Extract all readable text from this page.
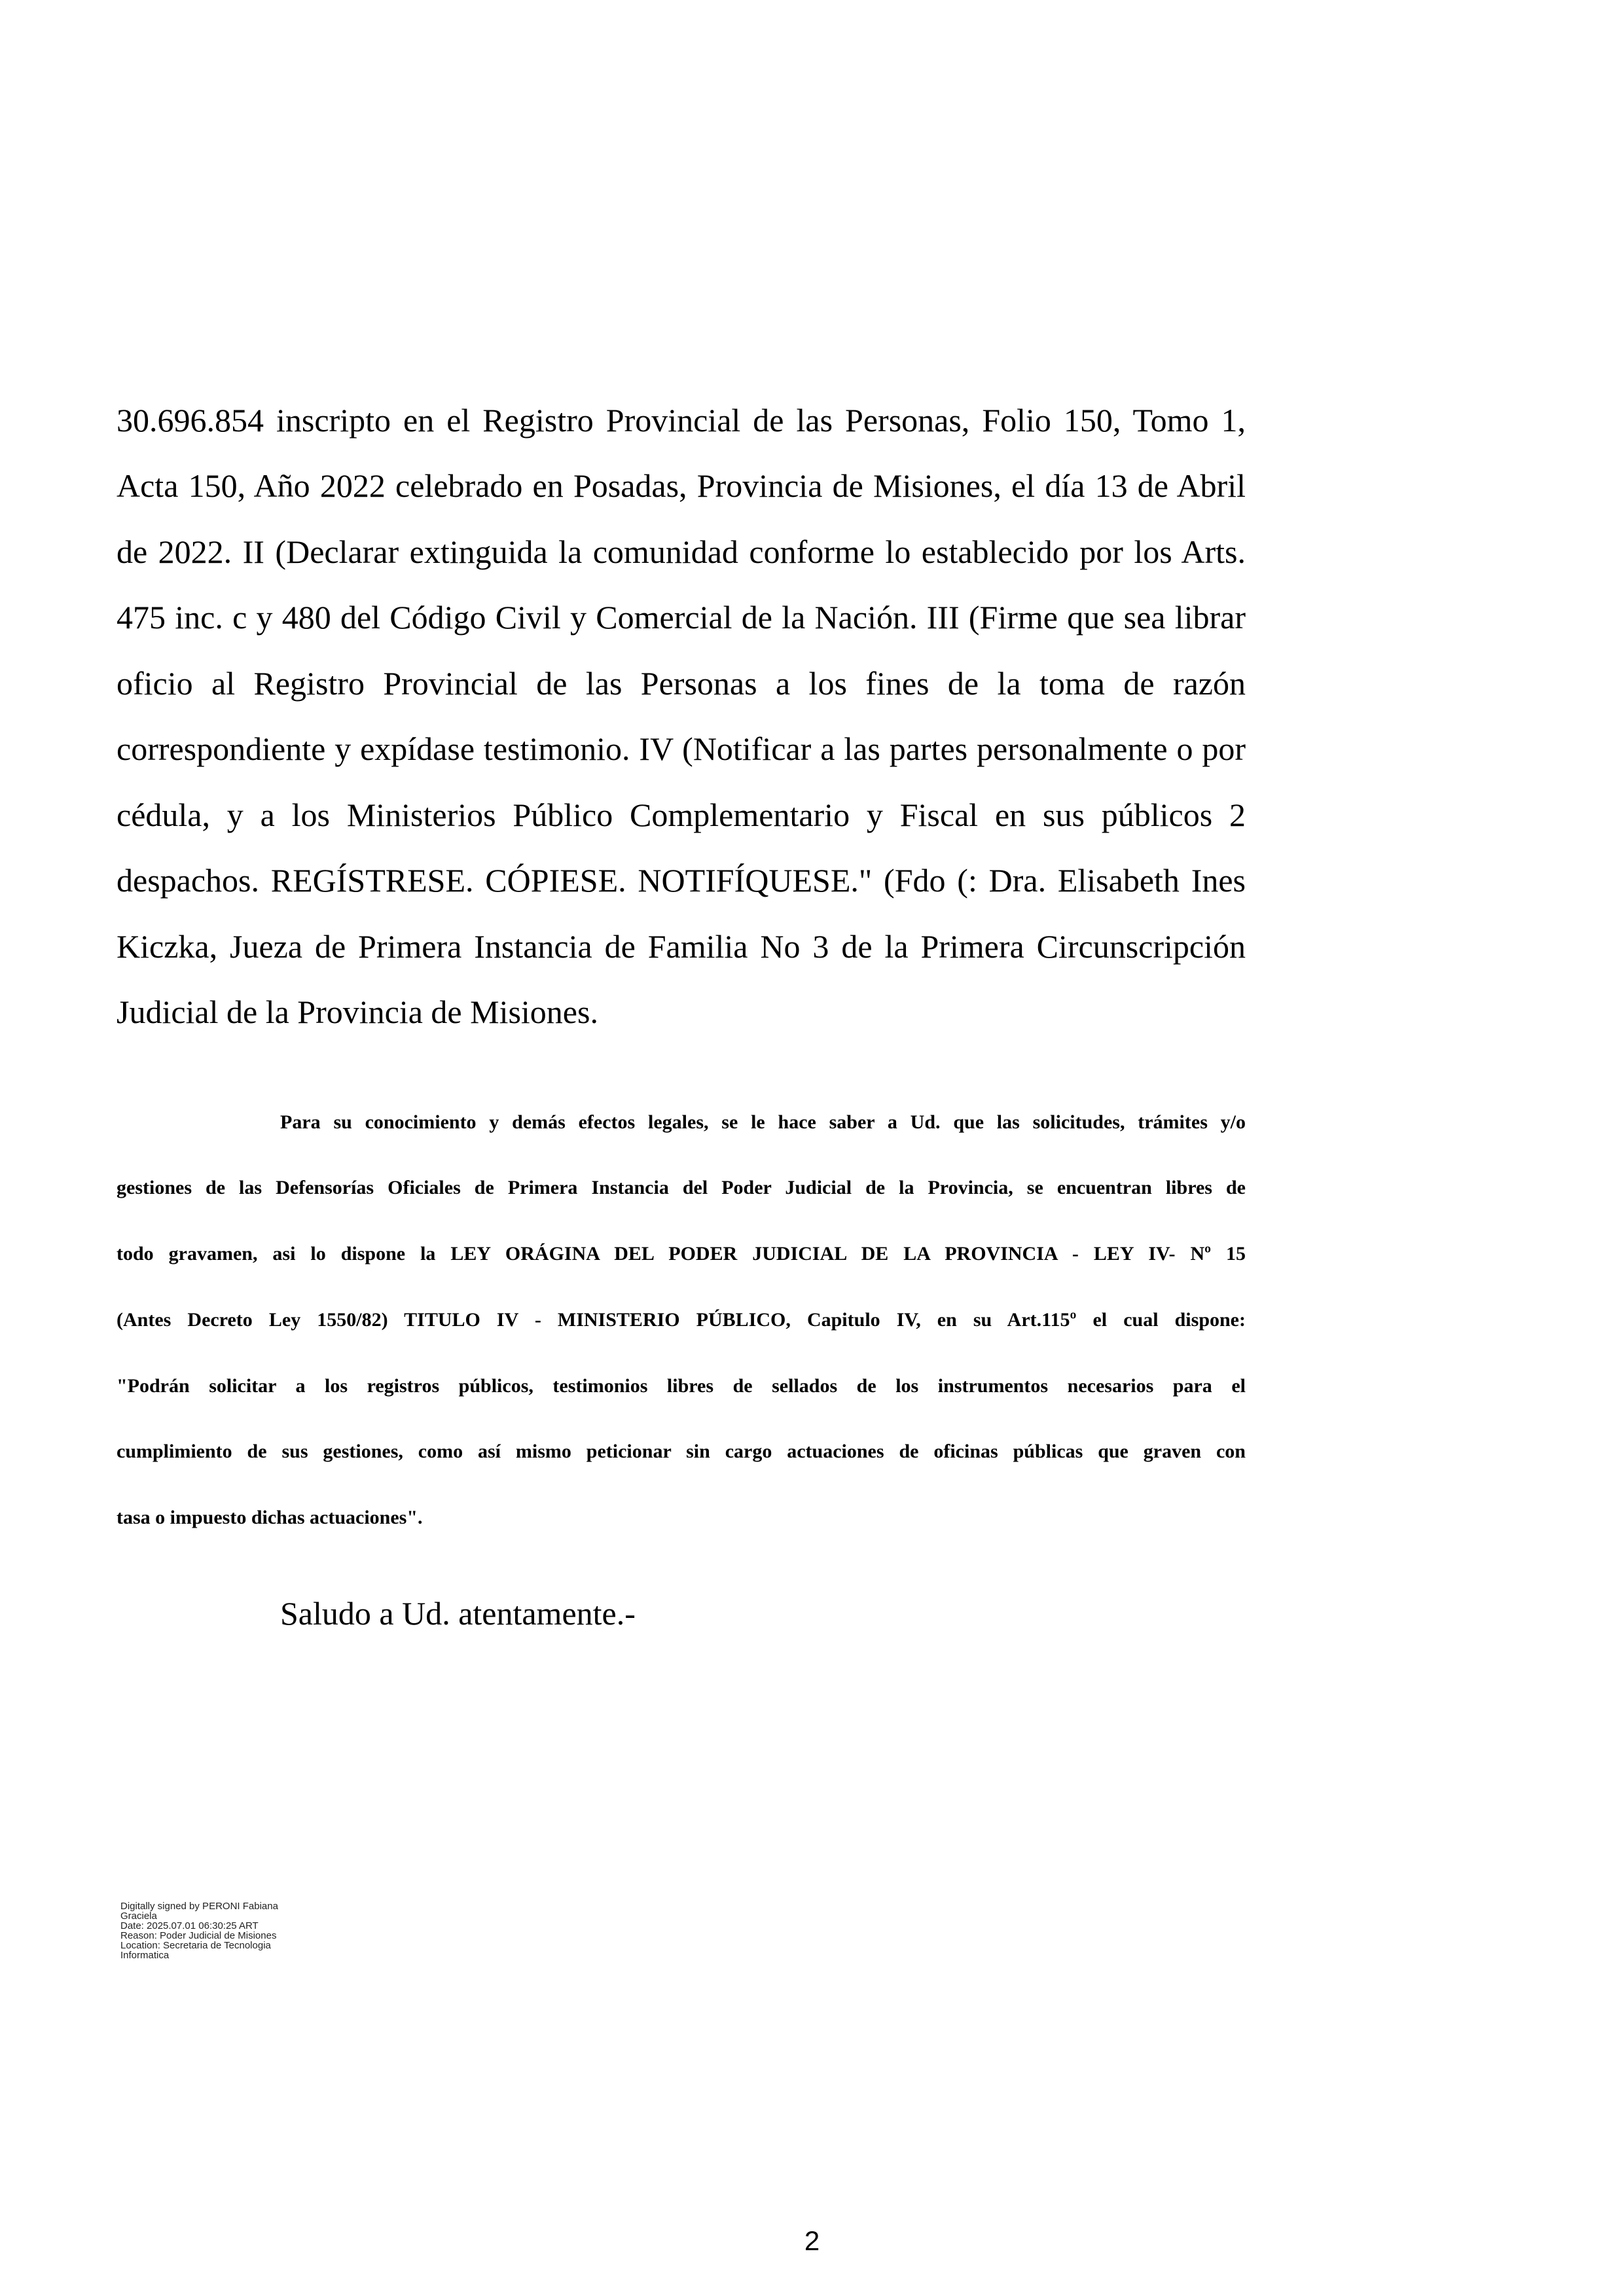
30.696.854 inscripto en el Registro Provincial de las Personas, Folio 150, Tomo 1,
Acta 150, Año 2022 celebrado en Posadas, Provincia de Misiones, el día 13 de Abril
de 2022. II (Declarar extinguida la comunidad conforme lo establecido por los Arts.
475 inc. c y 480 del Código Civil y Comercial de la Nación. III (Firme que sea librar
oficio al Registro Provincial de las Personas a los fines de la toma de razón
correspondiente y expídase testimonio. IV (Notificar a las partes personalmente o por
cédula, y a los Ministerios Público Complementario y Fiscal en sus públicos 2
despachos. REGÍSTRESE. CÓPIESE. NOTIFÍQUESE." (Fdo (: Dra. Elisabeth Ines
Kiczka, Jueza de Primera Instancia de Familia No 3 de la Primera Circunscripción
Judicial de la Provincia de Misiones.
Para su conocimiento y demás efectos legales, se le hace saber a Ud. que las solicitudes, trámites y/o
gestiones de las Defensorías Oficiales de Primera Instancia del Poder Judicial de la Provincia, se encuentran libres de
todo gravamen, asi lo dispone la LEY ORÁGINA DEL PODER JUDICIAL DE LA PROVINCIA - LEY IV- Nº 15
(Antes Decreto Ley 1550/82) TITULO IV - MINISTERIO PÚBLICO, Capitulo IV, en su Art.115º el cual dispone:
"Podrán solicitar a los registros públicos, testimonios libres de sellados de los instrumentos necesarios para el
cumplimiento de sus gestiones, como así mismo peticionar sin cargo actuaciones de oficinas públicas que graven con
tasa o impuesto dichas actuaciones".
Saludo a Ud. atentamente.-
Digitally signed by PERONI Fabiana
Graciela
Date: 2025.07.01 06:30:25 ART
Reason: Poder Judicial de Misiones
Location: Secretaria de Tecnologia
Informatica
2
